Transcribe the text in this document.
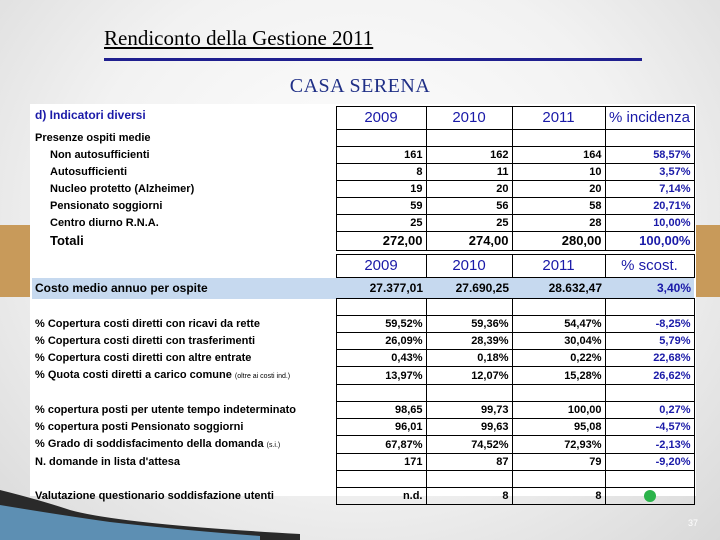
Rendiconto della Gestione 2011
CASA SERENA
d) Indicatori diversi	2009	2010	2011	% incidenza
Presenze ospiti medie				
Non autosufficienti	161	162	164	58,57%
Autosufficienti	8	11	10	3,57%
Nucleo protetto (Alzheimer)	19	20	20	7,14%
Pensionato soggiorni	59	56	58	20,71%
Centro diurno R.N.A.	25	25	28	10,00%
Totali	272,00	274,00	280,00	100,00%
	2009	2010	2011	% scost.
Costo medio annuo per ospite	27.377,01	27.690,25	28.632,47	3,40%

% Copertura costi diretti con ricavi da rette	59,52%	59,36%	54,47%	-8,25%
% Copertura costi diretti con trasferimenti	26,09%	28,39%	30,04%	5,79%
% Copertura costi diretti con altre entrate	0,43%	0,18%	0,22%	22,68%
% Quota costi diretti a carico comune (oltre ai costi ind.)	13,97%	12,07%	15,28%	26,62%

% copertura posti per utente tempo indeterminato	98,65	99,73	100,00	0,27%
% copertura posti Pensionato soggiorni	96,01	99,63	95,08	-4,57%
% Grado di soddisfacimento della domanda (s.i.)	67,87%	74,52%	72,93%	-2,13%
N. domande in lista d'attesa	171	87	79	-9,20%

Valutazione questionario soddisfazione utenti	n.d.	8	8	
37
